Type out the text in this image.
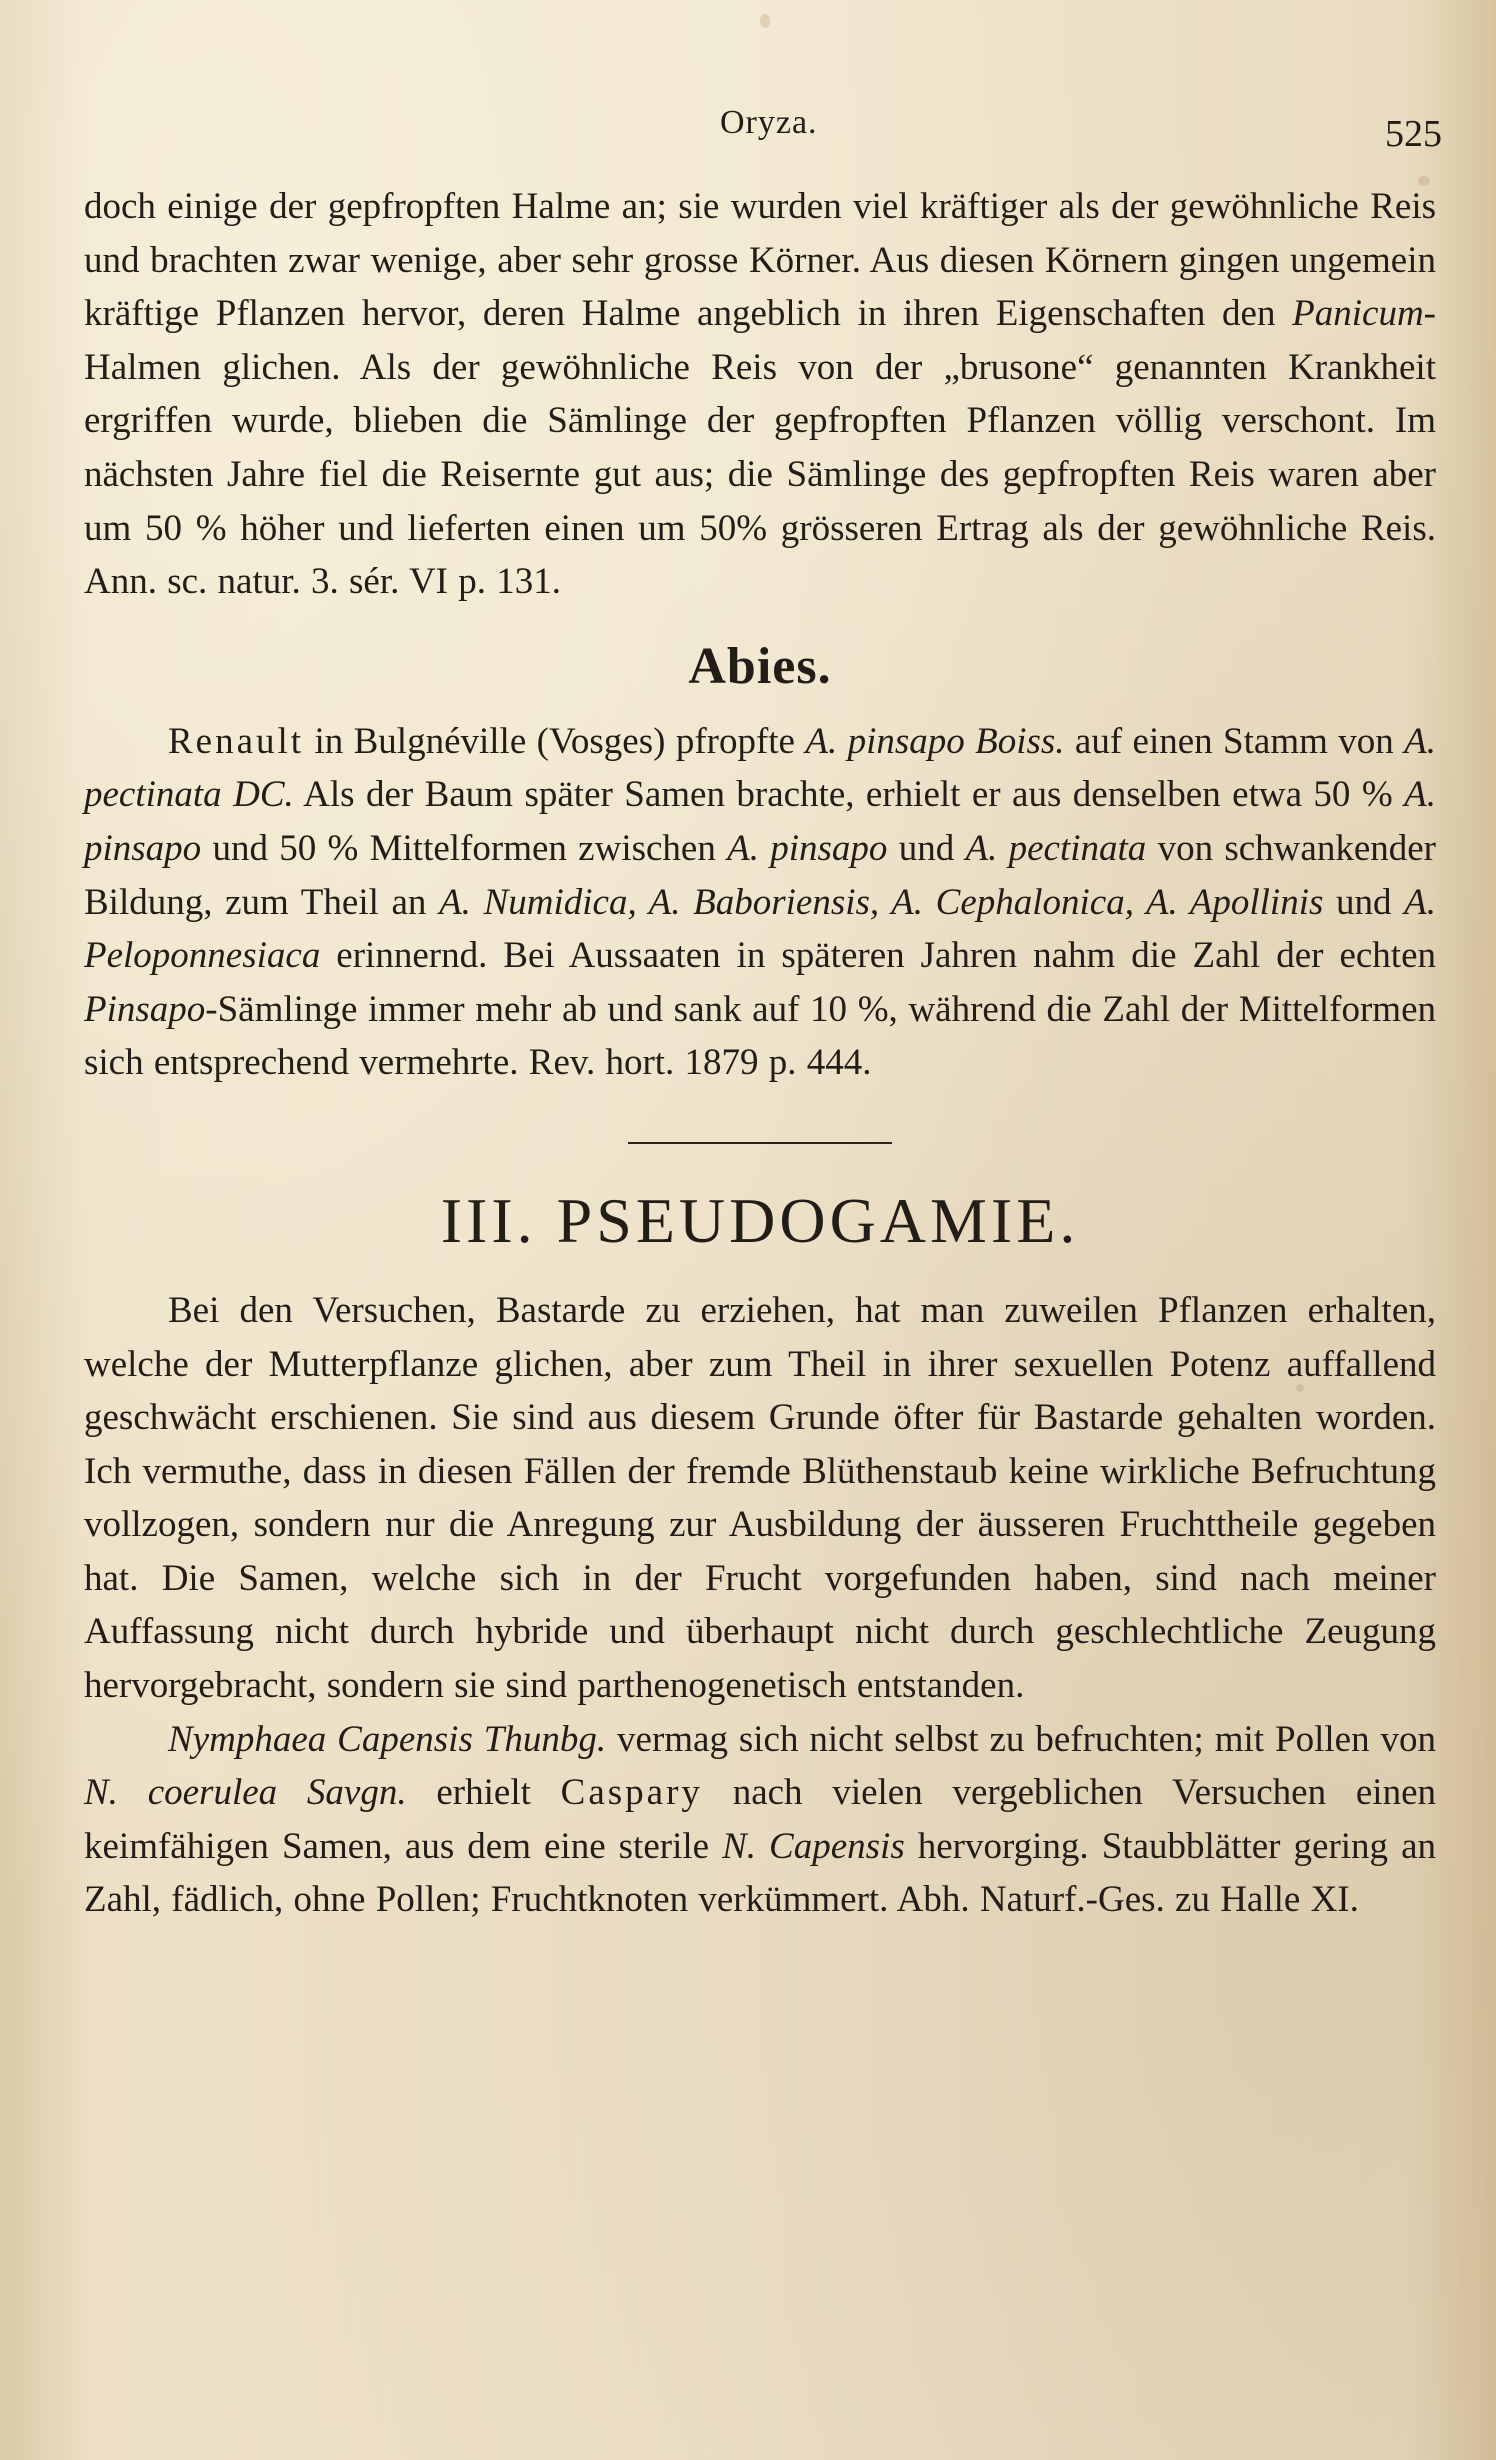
Oryza.	525

doch einige der gepfropften Halme an; sie wurden viel kräftiger als der gewöhnliche Reis und brachten zwar wenige, aber sehr grosse Körner. Aus diesen Körnern gingen ungemein kräftige Pflanzen hervor, deren Halme angeblich in ihren Eigenschaften den Panicum-Halmen glichen. Als der gewöhnliche Reis von der „brusone“ genannten Krankheit ergriffen wurde, blieben die Sämlinge der gepfropften Pflanzen völlig verschont. Im nächsten Jahre fiel die Reisernte gut aus; die Sämlinge des gepfropften Reis waren aber um 50 % höher und lieferten einen um 50% grösseren Ertrag als der gewöhnliche Reis. Ann. sc. natur. 3. sér. VI p. 131.

Abies.

Renault in Bulgnéville (Vosges) pfropfte A. pinsapo Boiss. auf einen Stamm von A. pectinata DC. Als der Baum später Samen brachte, erhielt er aus denselben etwa 50 % A. pinsapo und 50 % Mittelformen zwischen A. pinsapo und A. pectinata von schwankender Bildung, zum Theil an A. Numidica, A. Baboriensis, A. Cephalonica, A. Apollinis und A. Peloponnesiaca erinnernd. Bei Aussaaten in späteren Jahren nahm die Zahl der echten Pinsapo-Sämlinge immer mehr ab und sank auf 10 %, während die Zahl der Mittelformen sich entsprechend vermehrte. Rev. hort. 1879 p. 444.

III. PSEUDOGAMIE.

Bei den Versuchen, Bastarde zu erziehen, hat man zuweilen Pflanzen erhalten, welche der Mutterpflanze glichen, aber zum Theil in ihrer sexuellen Potenz auffallend geschwächt erschienen. Sie sind aus diesem Grunde öfter für Bastarde gehalten worden. Ich vermuthe, dass in diesen Fällen der fremde Blüthenstaub keine wirkliche Befruchtung vollzogen, sondern nur die Anregung zur Ausbildung der äusseren Fruchttheile gegeben hat. Die Samen, welche sich in der Frucht vorgefunden haben, sind nach meiner Auffassung nicht durch hybride und überhaupt nicht durch geschlechtliche Zeugung hervorgebracht, sondern sie sind parthenogenetisch entstanden.

Nymphaea Capensis Thunbg. vermag sich nicht selbst zu befruchten; mit Pollen von N. coerulea Savgn. erhielt Caspary nach vielen vergeblichen Versuchen einen keimfähigen Samen, aus dem eine sterile N. Capensis hervorging. Staubblätter gering an Zahl, fädlich, ohne Pollen; Fruchtknoten verkümmert. Abh. Naturf.-Ges. zu Halle XI.
